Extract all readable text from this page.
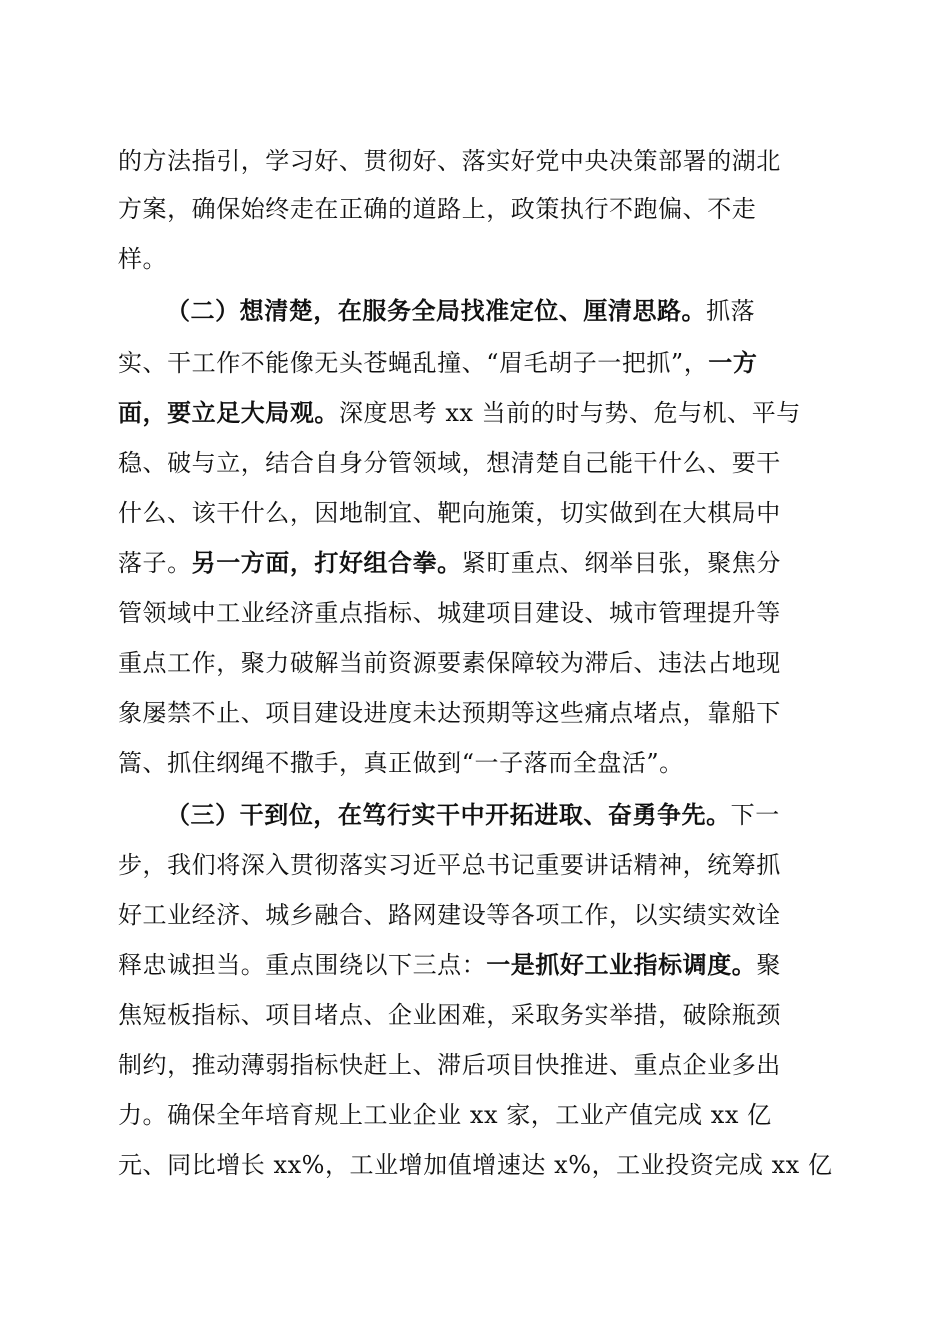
的方法指引，学习好、贯彻好、落实好党中央决策部署的湖北
方案，确保始终走在正确的道路上，政策执行不跑偏、不走
样。
（二）想清楚，在服务全局找准定位、厘清思路。抓落
实、干工作不能像无头苍蝇乱撞、“眉毛胡子一把抓”，一方
面，要立足大局观。深度思考 xx 当前的时与势、危与机、平与
稳、破与立，结合自身分管领域，想清楚自己能干什么、要干
什么、该干什么，因地制宜、靶向施策，切实做到在大棋局中
落子。另一方面，打好组合拳。紧盯重点、纲举目张，聚焦分
管领域中工业经济重点指标、城建项目建设、城市管理提升等
重点工作，聚力破解当前资源要素保障较为滞后、违法占地现
象屡禁不止、项目建设进度未达预期等这些痛点堵点，靠船下
篙、抓住纲绳不撒手，真正做到“一子落而全盘活”。
（三）干到位，在笃行实干中开拓进取、奋勇争先。下一
步，我们将深入贯彻落实习近平总书记重要讲话精神，统筹抓
好工业经济、城乡融合、路网建设等各项工作，以实绩实效诠
释忠诚担当。重点围绕以下三点：一是抓好工业指标调度。聚
焦短板指标、项目堵点、企业困难，采取务实举措，破除瓶颈
制约，推动薄弱指标快赶上、滞后项目快推进、重点企业多出
力。确保全年培育规上工业企业 xx 家，工业产值完成 xx 亿
元、同比增长 xx%，工业增加值增速达 x%，工业投资完成 xx 亿
